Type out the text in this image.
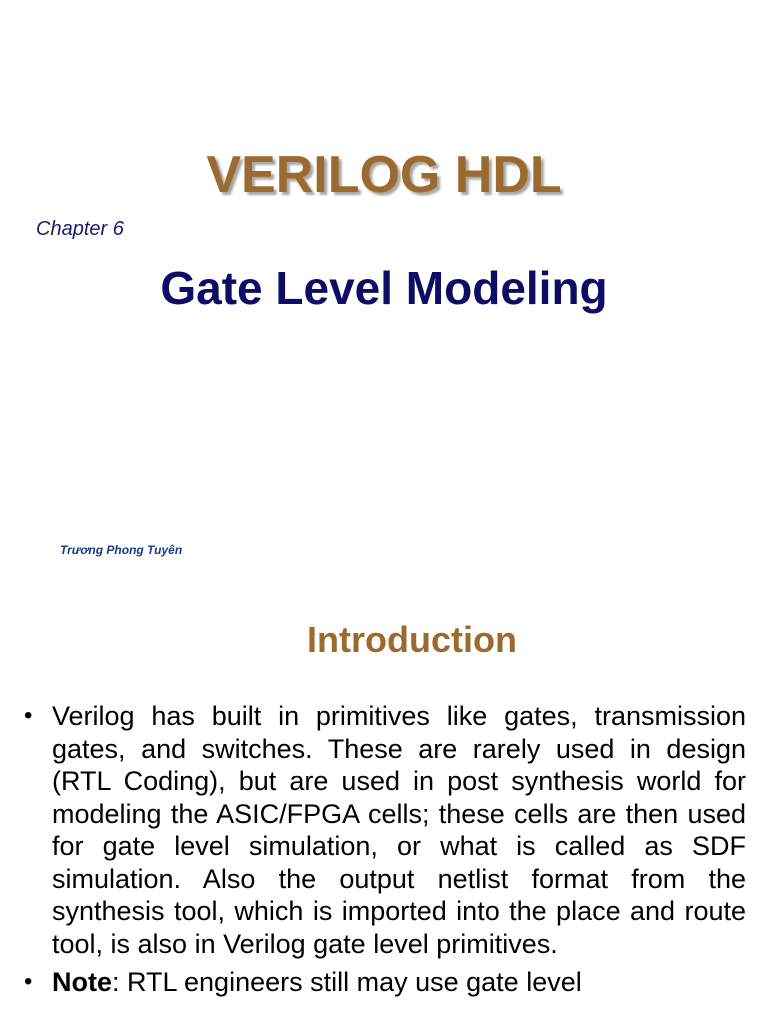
VERILOG HDL
Chapter 6
Gate Level Modeling
Trương Phong Tuyên
Introduction
• Verilog has built in primitives like gates, transmission gates, and switches. These are rarely used in design (RTL Coding), but are used in post synthesis world for modeling the ASIC/FPGA cells; these cells are then used for gate level simulation, or what is called as SDF simulation. Also the output netlist format from the synthesis tool, which is imported into the place and route tool, is also in Verilog gate level primitives.
• Note: RTL engineers still may use gate level
